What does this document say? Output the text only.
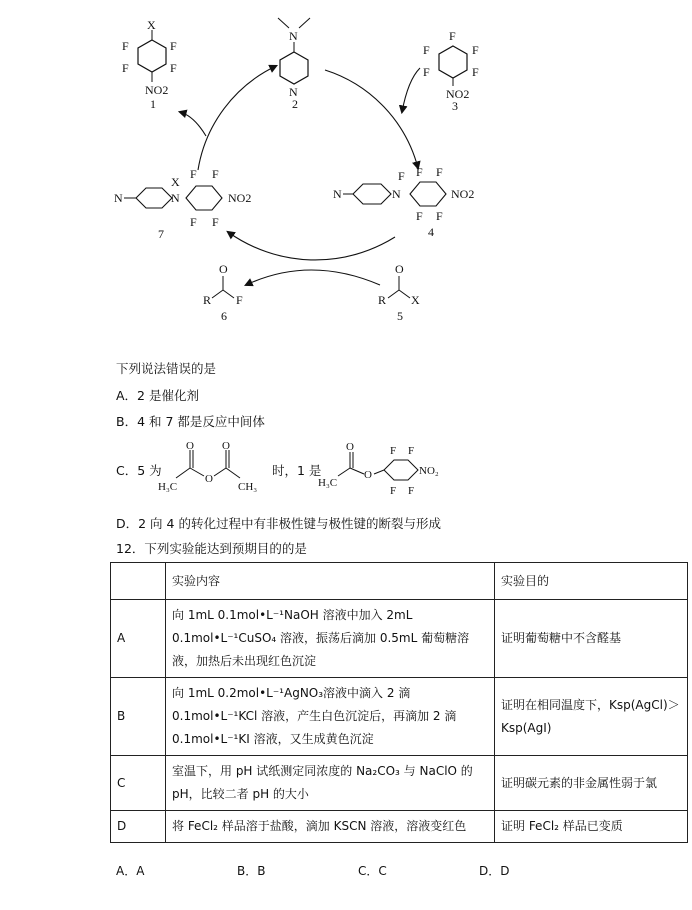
X
F	F
F	F
NO2
1
N
N
2
F
F	F
F	F
NO2
3
N	N
F F F
F F
NO2
4
N	N
X
F F
F F
NO2
7
O
R X
5
O
R F
6
下列说法错误的是
A．2 是催化剂
B．4 和 7 都是反应中间体
C．5 为
O	O
O
H₃C	CH₃
时，1 是
O
O
H₃C
F F
F F
NO₂
D．2 向 4 的转化过程中有非极性键与极性键的断裂与形成
12．下列实验能达到预期目的的是
	实验内容	实验目的
A	向 1mL 0.1mol•L⁻¹NaOH 溶液中加入 2mL 0.1mol•L⁻¹CuSO₄ 溶液，振荡后滴加 0.5mL 葡萄糖溶液，加热后未出现红色沉淀	证明葡萄糖中不含醛基
B	向 1mL 0.2mol•L⁻¹AgNO₃溶液中滴入 2 滴 0.1mol•L⁻¹KCl 溶液，产生白色沉淀后，再滴加 2 滴 0.1mol•L⁻¹KI 溶液，又生成黄色沉淀	证明在相同温度下，Ksp(AgCl)＞Ksp(AgI)
C	室温下，用 pH 试纸测定同浓度的 Na₂CO₃ 与 NaClO 的 pH，比较二者 pH 的大小	证明碳元素的非金属性弱于氯
D	将 FeCl₂ 样品溶于盐酸，滴加 KSCN 溶液，溶液变红色	证明 FeCl₂ 样品已变质
A．A	B．B	C．C	D．D
